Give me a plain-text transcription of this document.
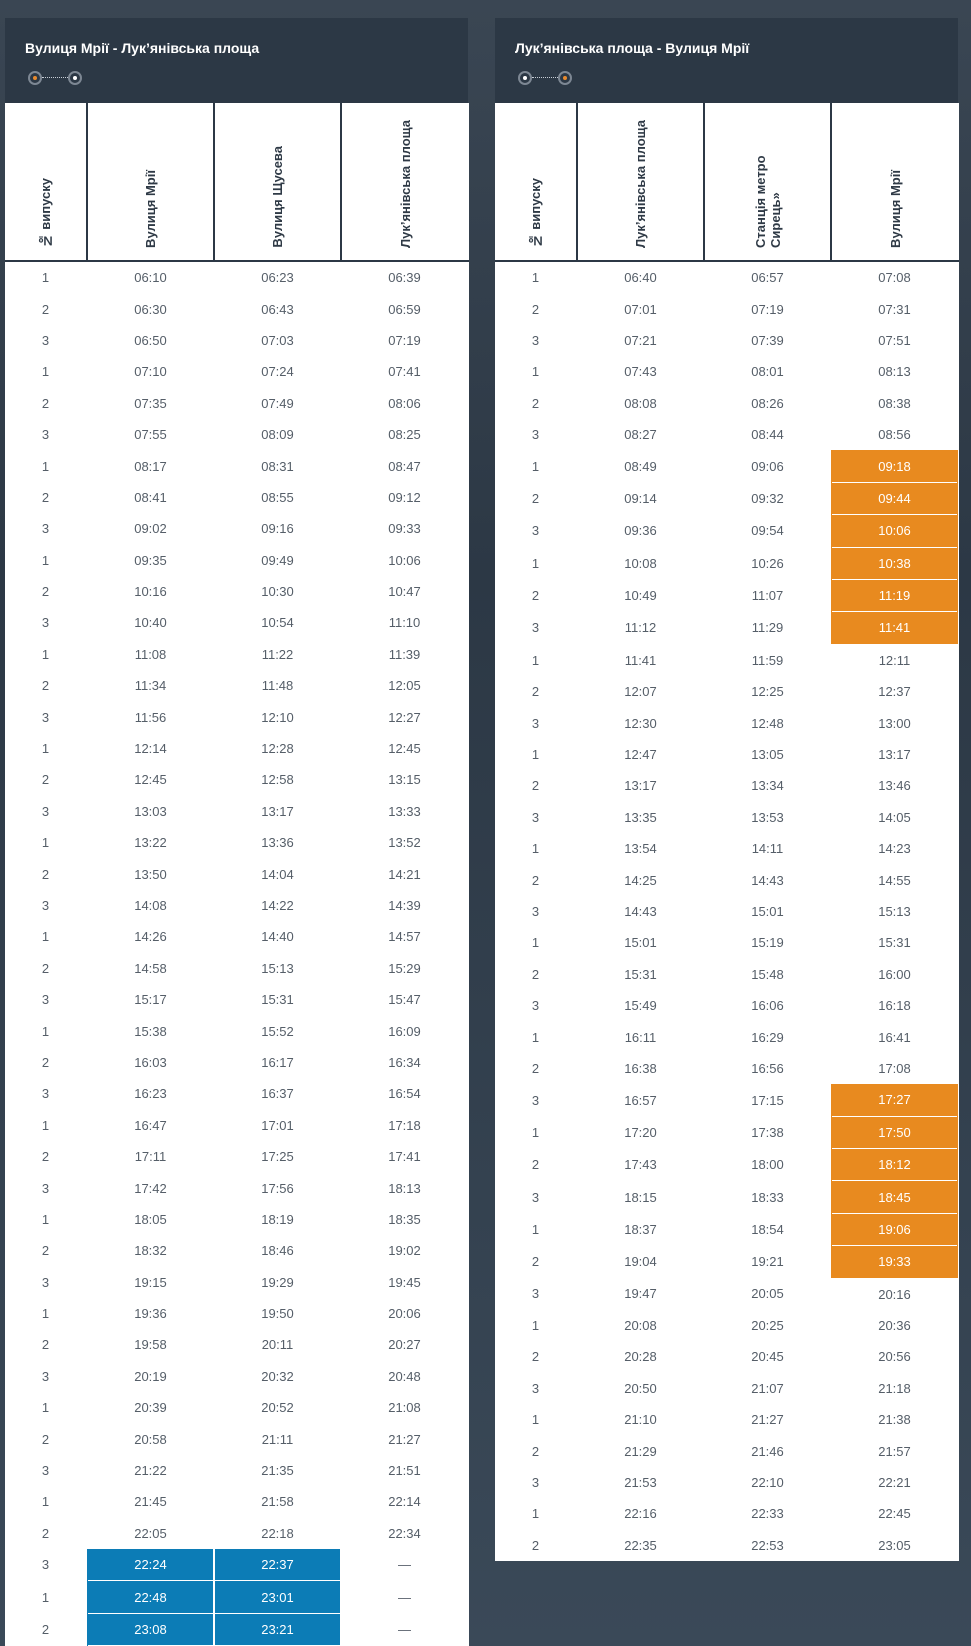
Вулиця Мрії - Лук’янівська площа
№ випуску	Вулиця Мрії	Вулиця Щусева	Лук’янівська площа

1	06:10	06:23	06:39
2	06:30	06:43	06:59
3	06:50	07:03	07:19
1	07:10	07:24	07:41
2	07:35	07:49	08:06
3	07:55	08:09	08:25
1	08:17	08:31	08:47
2	08:41	08:55	09:12
3	09:02	09:16	09:33
1	09:35	09:49	10:06
2	10:16	10:30	10:47
3	10:40	10:54	11:10
1	11:08	11:22	11:39
2	11:34	11:48	12:05
3	11:56	12:10	12:27
1	12:14	12:28	12:45
2	12:45	12:58	13:15
3	13:03	13:17	13:33
1	13:22	13:36	13:52
2	13:50	14:04	14:21
3	14:08	14:22	14:39
1	14:26	14:40	14:57
2	14:58	15:13	15:29
3	15:17	15:31	15:47
1	15:38	15:52	16:09
2	16:03	16:17	16:34
3	16:23	16:37	16:54
1	16:47	17:01	17:18
2	17:11	17:25	17:41
3	17:42	17:56	18:13
1	18:05	18:19	18:35
2	18:32	18:46	19:02
3	19:15	19:29	19:45
1	19:36	19:50	20:06
2	19:58	20:11	20:27
3	20:19	20:32	20:48
1	20:39	20:52	21:08
2	20:58	21:11	21:27
3	21:22	21:35	21:51
1	21:45	21:58	22:14
2	22:05	22:18	22:34
3	22:24	22:37	—
1	22:48	23:01	—
2	23:08	23:21	—
Лук’янівська площа - Вулиця Мрії
№ випуску	Лук’янівська площа	Станція метро Сирець»	Вулиця Мрії

1	06:40	06:57	07:08
2	07:01	07:19	07:31
3	07:21	07:39	07:51
1	07:43	08:01	08:13
2	08:08	08:26	08:38
3	08:27	08:44	08:56
1	08:49	09:06	09:18
2	09:14	09:32	09:44
3	09:36	09:54	10:06
1	10:08	10:26	10:38
2	10:49	11:07	11:19
3	11:12	11:29	11:41
1	11:41	11:59	12:11
2	12:07	12:25	12:37
3	12:30	12:48	13:00
1	12:47	13:05	13:17
2	13:17	13:34	13:46
3	13:35	13:53	14:05
1	13:54	14:11	14:23
2	14:25	14:43	14:55
3	14:43	15:01	15:13
1	15:01	15:19	15:31
2	15:31	15:48	16:00
3	15:49	16:06	16:18
1	16:11	16:29	16:41
2	16:38	16:56	17:08
3	16:57	17:15	17:27
1	17:20	17:38	17:50
2	17:43	18:00	18:12
3	18:15	18:33	18:45
1	18:37	18:54	19:06
2	19:04	19:21	19:33
3	19:47	20:05	20:16
1	20:08	20:25	20:36
2	20:28	20:45	20:56
3	20:50	21:07	21:18
1	21:10	21:27	21:38
2	21:29	21:46	21:57
3	21:53	22:10	22:21
1	22:16	22:33	22:45
2	22:35	22:53	23:05
